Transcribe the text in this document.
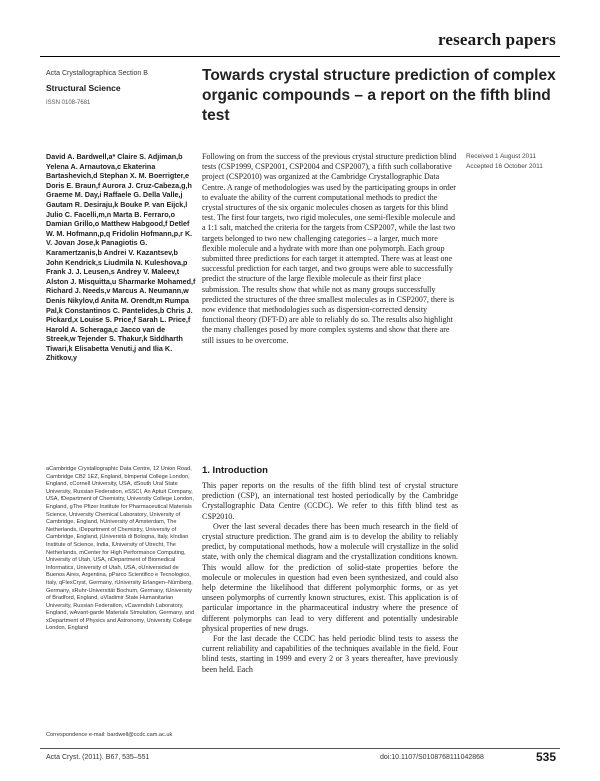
research papers
Acta Crystallographica Section B
Structural Science
ISSN 0108-7681
Towards crystal structure prediction of complex organic compounds – a report on the fifth blind test
David A. Bardwell,a* Claire S. Adjiman,b Yelena A. Arnautova,c Ekaterina Bartashevich,d Stephan X. M. Boerrigter,e Doris E. Braun,f Aurora J. Cruz-Cabeza,g,h Graeme M. Day,i Raffaele G. Della Valle,j Gautam R. Desiraju,k Bouke P. van Eijck,l Julio C. Facelli,m,n Marta B. Ferraro,o Damian Grillo,o Matthew Habgood,f Detlef W. M. Hofmann,p,q Fridolin Hofmann,p,r K. V. Jovan Jose,k Panagiotis G. Karamertzanis,b Andrei V. Kazantsev,b John Kendrick,s Liudmila N. Kuleshova,p Frank J. J. Leusen,s Andrey V. Maleev,t Alston J. Misquitta,u Sharmarke Mohamed,f Richard J. Needs,v Marcus A. Neumann,w Denis Nikylov,d Anita M. Orendt,m Rumpa Pal,k Constantinos C. Pantelides,b Chris J. Pickard,x Louise S. Price,f Sarah L. Price,f Harold A. Scheraga,c Jacco van de Streek,w Tejender S. Thakur,k Siddharth Tiwari,k Elisabetta Venuti,j and Ilia K. Zhitkov,y
Following on from the success of the previous crystal structure prediction blind tests (CSP1999, CSP2001, CSP2004 and CSP2007), a fifth such collaborative project (CSP2010) was organized at the Cambridge Crystallographic Data Centre. A range of methodologies was used by the participating groups in order to evaluate the ability of the current computational methods to predict the crystal structures of the six organic molecules chosen as targets for this blind test. The first four targets, two rigid molecules, one semi-flexible molecule and a 1:1 salt, matched the criteria for the targets from CSP2007, while the last two targets belonged to two new challenging categories – a larger, much more flexible molecule and a hydrate with more than one polymorph. Each group submitted three predictions for each target it attempted. There was at least one successful prediction for each target, and two groups were able to successfully predict the structure of the large flexible molecule as their first place submission. The results show that while not as many groups successfully predicted the structures of the three smallest molecules as in CSP2007, there is now evidence that methodologies such as dispersion-corrected density functional theory (DFT-D) are able to reliably do so. The results also highlight the many challenges posed by more complex systems and show that there are still issues to be overcome.
Received 1 August 2011
Accepted 16 October 2011
aCambridge Crystallographic Data Centre, 12 Union Road, Cambridge CB2 1EZ, England, bImperial College London, England, cCornell University, USA, dSouth Ural State University, Russian Federation, eSSCI, An Aptuit Company, USA, fDepartment of Chemistry, University College London, England, gThe Pfizer Institute for Pharmaceutical Materials Science, University Chemical Laboratory, University of Cambridge, England, hUniversity of Amsterdam, The Netherlands, iDepartment of Chemistry, University of Cambridge, England, jUniversità di Bologna, Italy, kIndian Institute of Science, India, lUniversity of Utrecht, The Netherlands, mCenter for High Performance Computing, University of Utah, USA, nDepartment of Biomedical Informatics, University of Utah, USA, oUniversidad de Buenos Aires, Argentina, pParco Scientifico e Tecnologico, Italy, qFlexCryst, Germany, rUniversity Erlangen–Nürnberg, Germany, sRuhr-Universität Bochum, Germany, tUniversity of Bradford, England, uVladimir State Humanitarian University, Russian Federation, vCavendish Laboratory, England, wAvant-garde Materials Simulation, Germany, and xDepartment of Physics and Astronomy, University College London, England
Correspondence e-mail: bardwell@ccdc.cam.ac.uk
1. Introduction

This paper reports on the results of the fifth blind test of crystal structure prediction (CSP), an international test hosted periodically by the Cambridge Crystallographic Data Centre (CCDC). We refer to this fifth blind test as CSP2010.

Over the last several decades there has been much research in the field of crystal structure prediction. The grand aim is to develop the ability to reliably predict, by computational methods, how a molecule will crystallize in the solid state, with only the chemical diagram and the crystallization conditions known. This would allow for the prediction of solid-state properties before the molecule or molecules in question had even been synthesized, and could also help determine the likelihood that different polymorphic forms, or as yet unseen polymorphs of currently known structures, exist. This application is of particular importance in the pharmaceutical industry where the presence of different polymorphs can lead to very different and potentially undesirable physical properties of new drugs.

For the last decade the CCDC has held periodic blind tests to assess the current reliability and capabilities of the techniques available in the field. Four blind tests, starting in 1999 and every 2 or 3 years thereafter, have previously been held. Each

Acta Cryst. (2011). B67, 535–551	doi:10.1107/S0108768111042868	535
